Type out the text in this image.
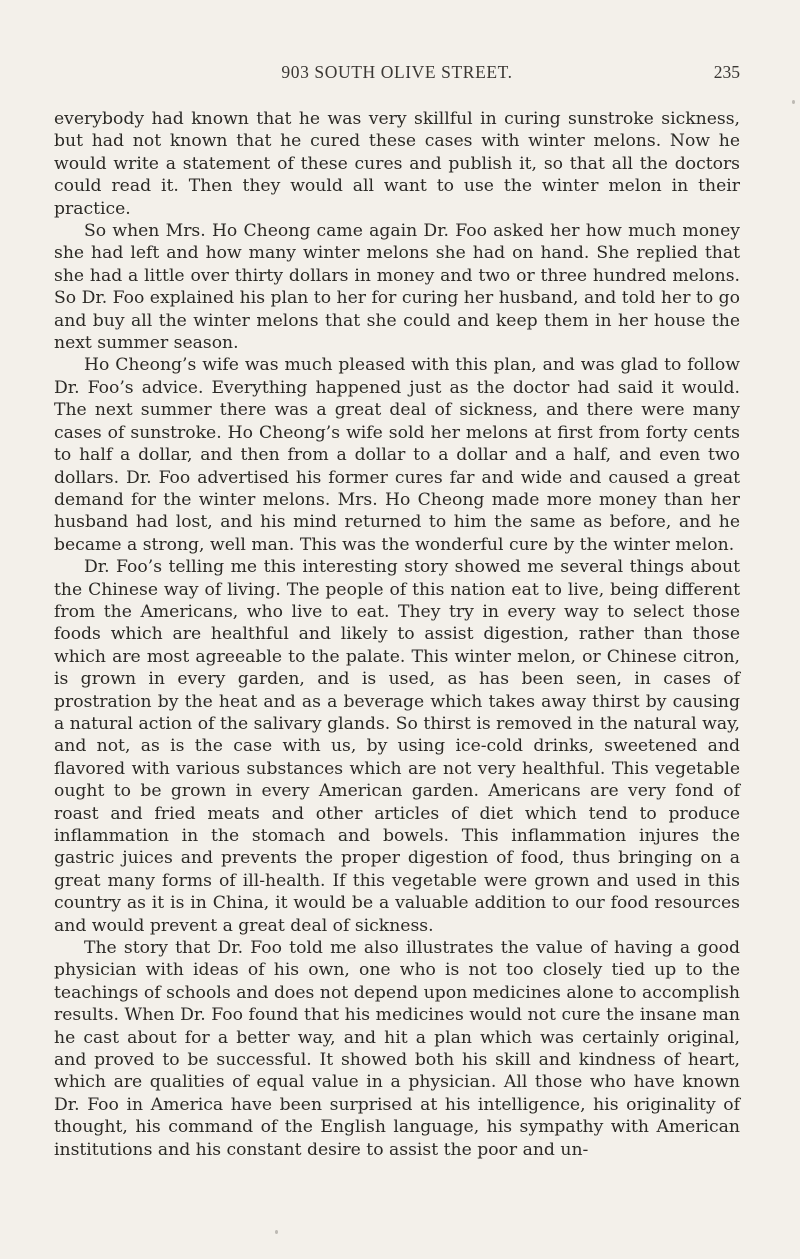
903 SOUTH OLIVE STREET.	235

everybody had known that he was very skillful in curing sunstroke sickness, but had not known that he cured these cases with winter melons. Now he would write a statement of these cures and publish it, so that all the doctors could read it. Then they would all want to use the winter melon in their practice.

So when Mrs. Ho Cheong came again Dr. Foo asked her how much money she had left and how many winter melons she had on hand. She replied that she had a little over thirty dollars in money and two or three hundred melons. So Dr. Foo explained his plan to her for curing her husband, and told her to go and buy all the winter melons that she could and keep them in her house the next summer season.

Ho Cheong’s wife was much pleased with this plan, and was glad to follow Dr. Foo’s advice. Everything happened just as the doctor had said it would. The next summer there was a great deal of sickness, and there were many cases of sunstroke. Ho Cheong’s wife sold her melons at first from forty cents to half a dollar, and then from a dollar to a dollar and a half, and even two dollars. Dr. Foo advertised his former cures far and wide and caused a great demand for the winter melons. Mrs. Ho Cheong made more money than her husband had lost, and his mind returned to him the same as before, and he became a strong, well man. This was the wonderful cure by the winter melon.

Dr. Foo’s telling me this interesting story showed me several things about the Chinese way of living. The people of this nation eat to live, being different from the Americans, who live to eat. They try in every way to select those foods which are healthful and likely to assist digestion, rather than those which are most agreeable to the palate. This winter melon, or Chinese citron, is grown in every garden, and is used, as has been seen, in cases of prostration by the heat and as a beverage which takes away thirst by causing a natural action of the salivary glands. So thirst is removed in the natural way, and not, as is the case with us, by using ice-cold drinks, sweetened and flavored with various substances which are not very healthful. This vegetable ought to be grown in every American garden. Americans are very fond of roast and fried meats and other articles of diet which tend to produce inflammation in the stomach and bowels. This inflammation injures the gastric juices and prevents the proper digestion of food, thus bringing on a great many forms of ill-health. If this vegetable were grown and used in this country as it is in China, it would be a valuable addition to our food resources and would prevent a great deal of sickness.

The story that Dr. Foo told me also illustrates the value of having a good physician with ideas of his own, one who is not too closely tied up to the teachings of schools and does not depend upon medicines alone to accomplish results. When Dr. Foo found that his medicines would not cure the insane man he cast about for a better way, and hit a plan which was certainly original, and proved to be successful. It showed both his skill and kindness of heart, which are qualities of equal value in a physician. All those who have known Dr. Foo in America have been surprised at his intelligence, his originality of thought, his command of the English language, his sympathy with American institutions and his constant desire to assist the poor and un-
